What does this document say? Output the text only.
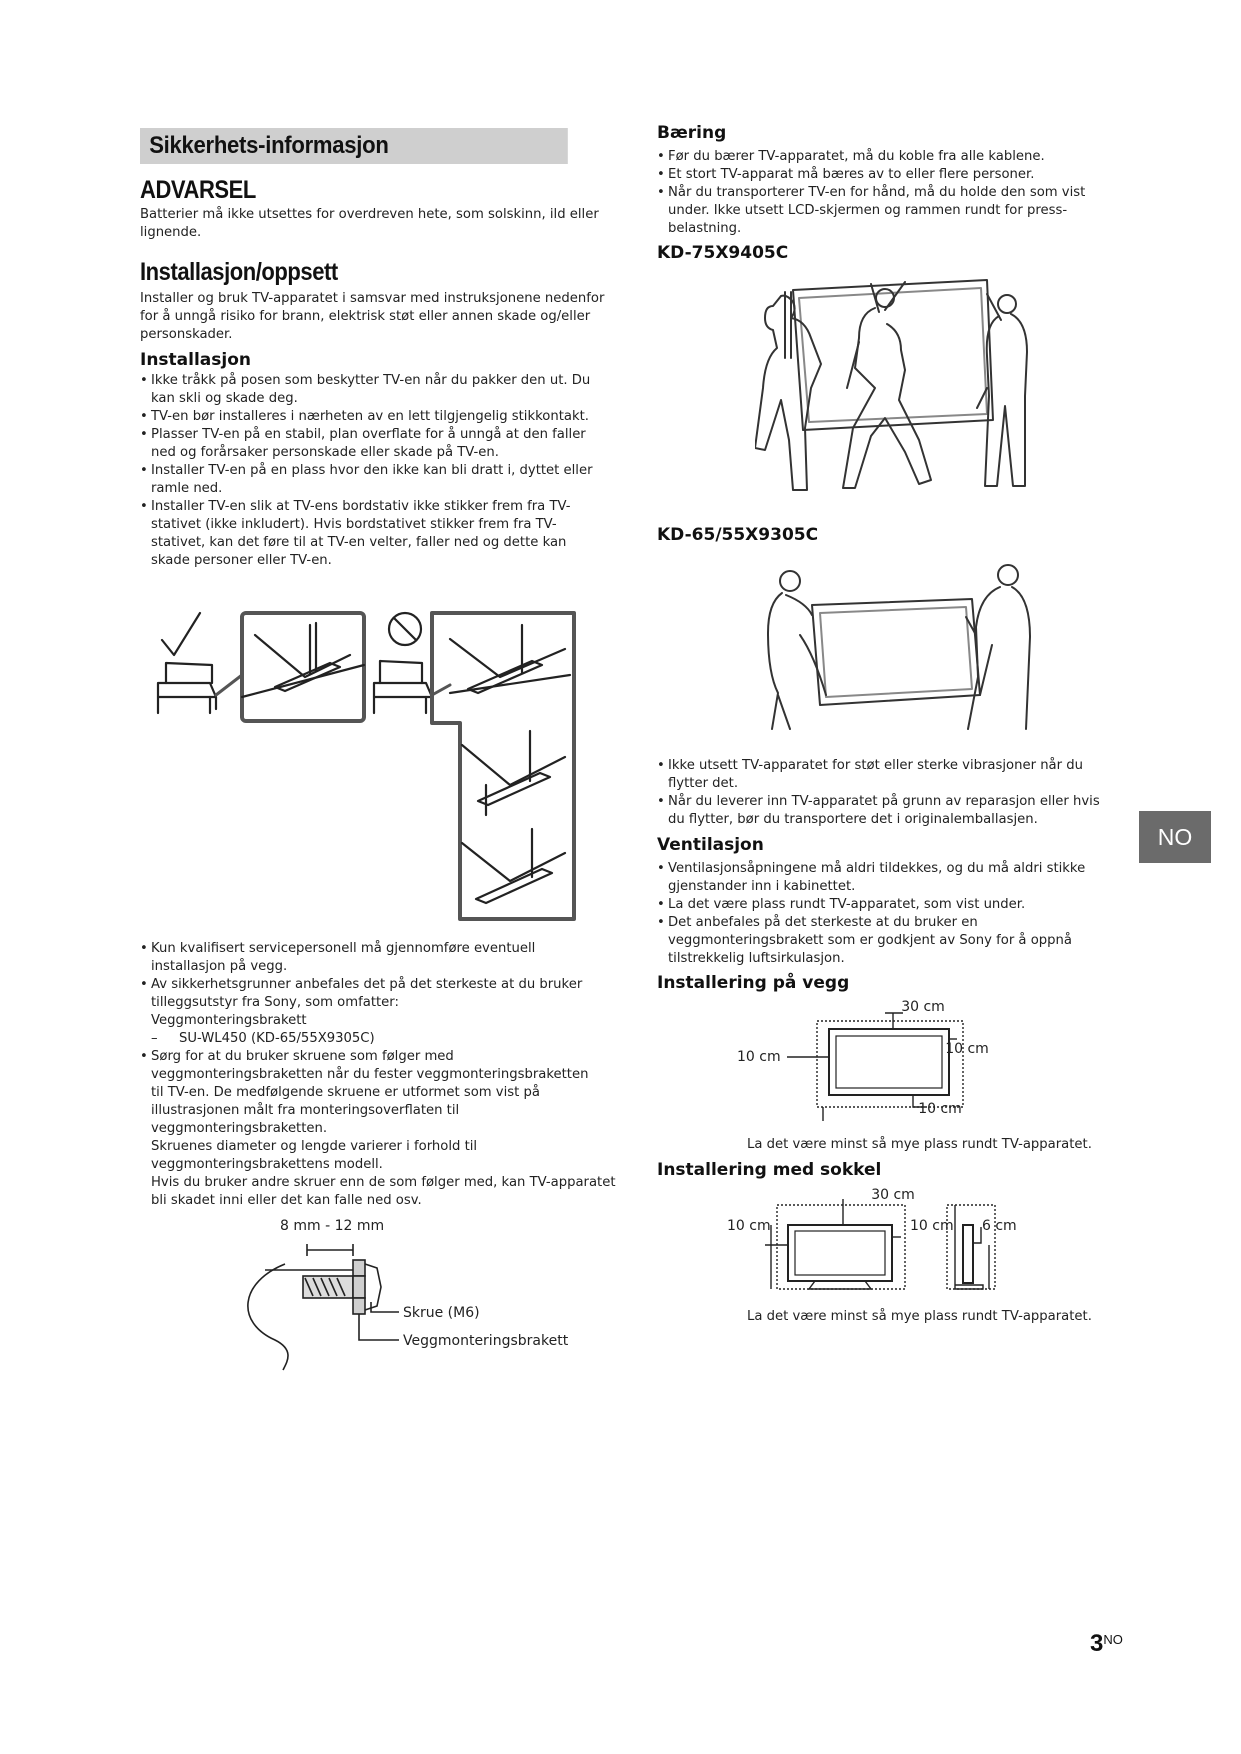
Sikkerhets-informasjon
ADVARSEL

Batterier må ikke utsettes for overdreven hete, som solskinn, ild eller lignende.

Installasjon/oppsett

Installer og bruk TV-apparatet i samsvar med instruksjonene nedenfor for å unngå risiko for brann, elektrisk støt eller annen skade og/eller personskader.

Installasjon
• Ikke tråkk på posen som beskytter TV-en når du pakker den ut. Du kan skli og skade deg.
• TV-en bør installeres i nærheten av en lett tilgjengelig stikkontakt.
• Plasser TV-en på en stabil, plan overflate for å unngå at den faller ned og forårsaker personskade eller skade på TV-en.
• Installer TV-en på en plass hvor den ikke kan bli dratt i, dyttet eller ramle ned.
• Installer TV-en slik at TV-ens bordstativ ikke stikker frem fra TV-stativet (ikke inkludert). Hvis bordstativet stikker frem fra TV-stativet, kan det føre til at TV-en velter, faller ned og dette kan skade personer eller TV-en.
• Kun kvalifisert servicepersonell må gjennomføre eventuell installasjon på vegg.
• Av sikkerhetsgrunner anbefales det på det sterkeste at du bruker tilleggsutstyr fra Sony, som omfatter:

Veggmonteringsbrakett

– SU-WL450 (KD-65/55X9305C)

• Sørg for at du bruker skruene som følger med veggmonteringsbraketten når du fester veggmonteringsbraketten til TV-en. De medfølgende skruene er utformet som vist på illustrasjonen målt fra monteringsoverflaten til veggmonteringsbraketten.

Skruenes diameter og lengde varierer i forhold til veggmonteringsbrakettens modell.

Hvis du bruker andre skruer enn de som følger med, kan TV-apparatet bli skadet inni eller det kan falle ned osv.

8 mm - 12 mm
Skrue (M6)
Veggmonteringsbrakett
Bæring
• Før du bærer TV-apparatet, må du koble fra alle kablene.
• Et stort TV-apparat må bæres av to eller flere personer.
• Når du transporterer TV-en for hånd, må du holde den som vist under. Ikke utsett LCD-skjermen og rammen rundt for press-belastning.
KD-75X9405C
KD-65/55X9305C
• Ikke utsett TV-apparatet for støt eller sterke vibrasjoner når du flytter det.
• Når du leverer inn TV-apparatet på grunn av reparasjon eller hvis du flytter, bør du transportere det i originalemballasjen.
Ventilasjon
• Ventilasjonsåpningene må aldri tildekkes, og du må aldri stikke gjenstander inn i kabinettet.
• La det være plass rundt TV-apparatet, som vist under.
• Det anbefales på det sterkeste at du bruker en veggmonteringsbrakett som er godkjent av Sony for å oppnå tilstrekkelig luftsirkulasjon.
Installering på vegg
30 cm
10 cm	10 cm
10 cm

La det være minst så mye plass rundt TV-apparatet.

Installering med sokkel
30 cm
10 cm	10 cm 6 cm

La det være minst så mye plass rundt TV-apparatet.

NO
$3^{NO}$
